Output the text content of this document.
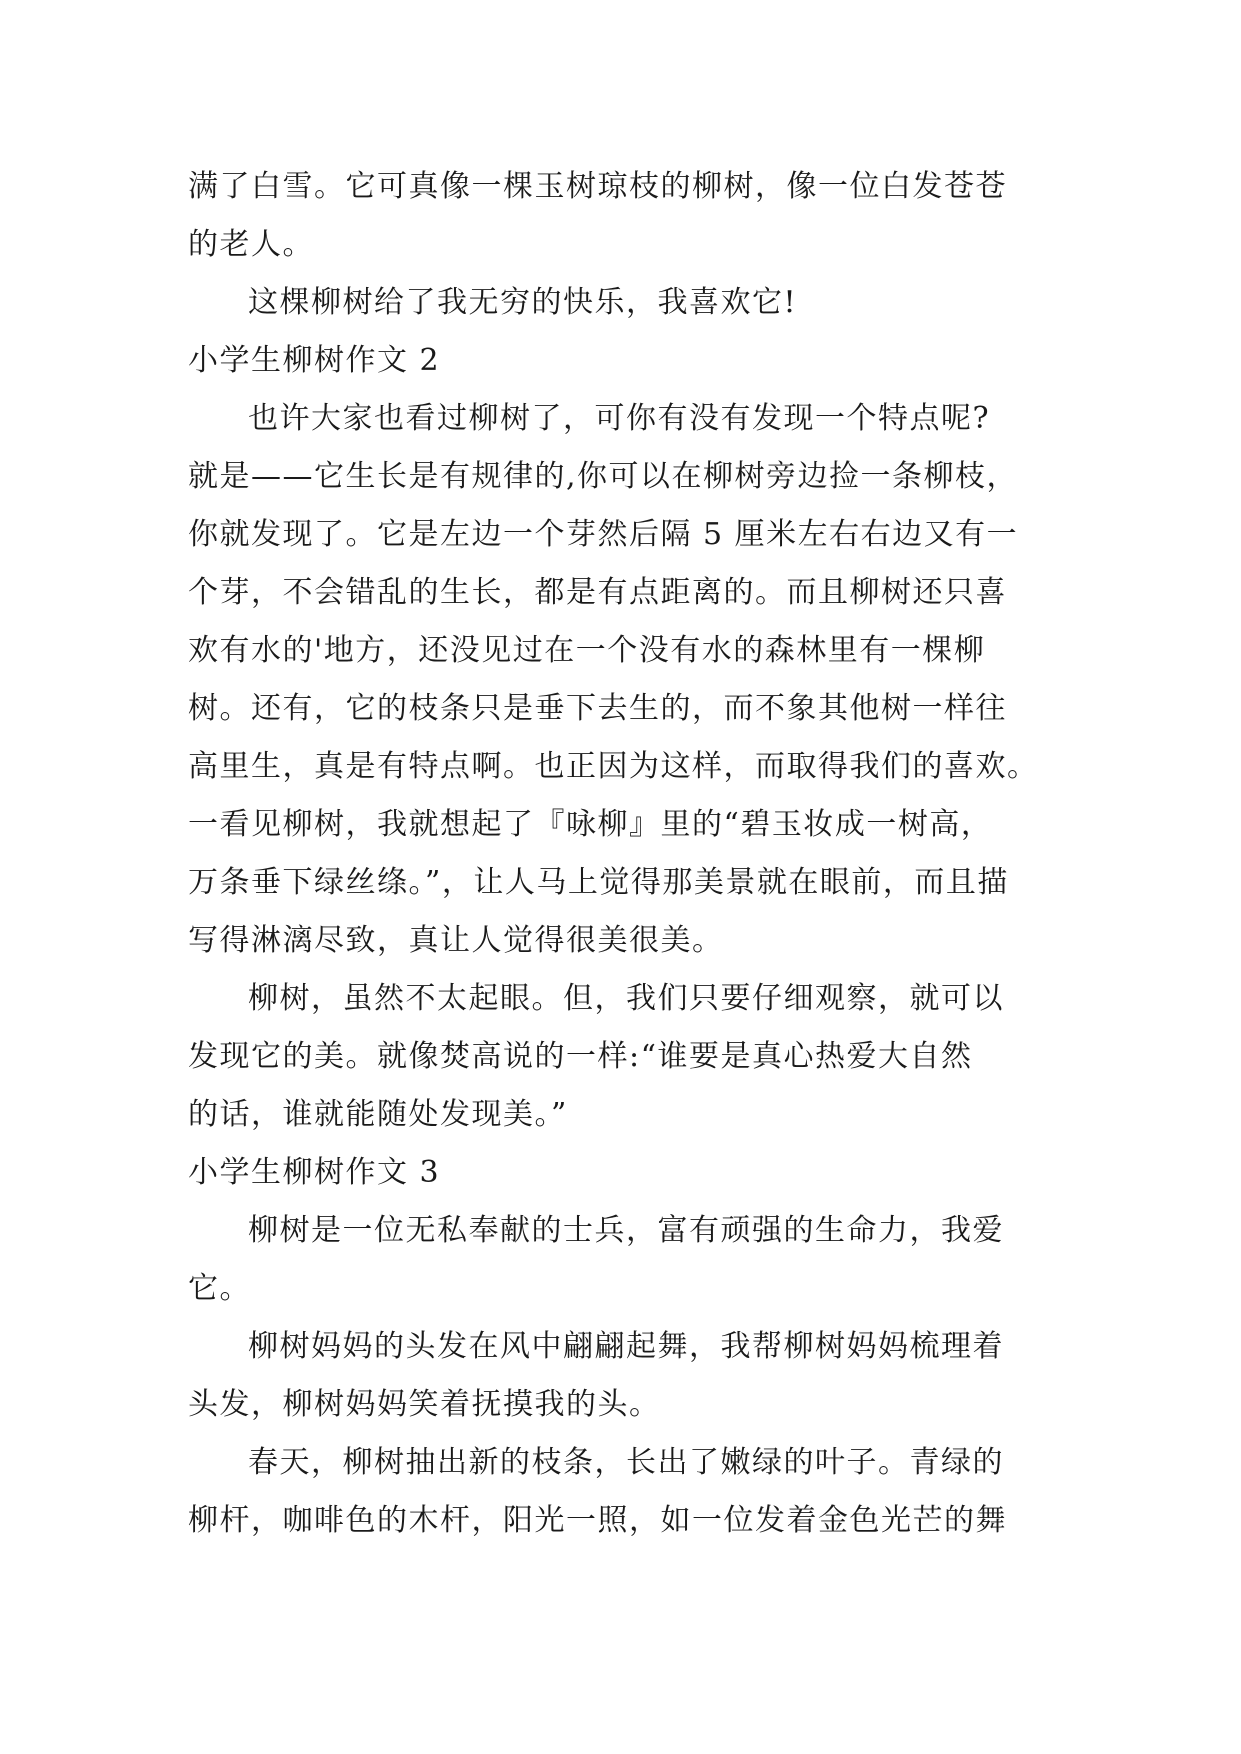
满了白雪。它可真像一棵玉树琼枝的柳树，像一位白发苍苍
的老人。
这棵柳树给了我无穷的快乐，我喜欢它!
小学生柳树作文 2
也许大家也看过柳树了，可你有没有发现一个特点呢?
就是——它生长是有规律的,你可以在柳树旁边捡一条柳枝，
你就发现了。它是左边一个芽然后隔 5 厘米左右右边又有一
个芽，不会错乱的生长，都是有点距离的。而且柳树还只喜
欢有水的'地方，还没见过在一个没有水的森林里有一棵柳
树。还有，它的枝条只是垂下去生的，而不象其他树一样往
高里生，真是有特点啊。也正因为这样，而取得我们的喜欢。
一看见柳树，我就想起了『咏柳』里的“碧玉妆成一树高，
万条垂下绿丝绦。”，让人马上觉得那美景就在眼前，而且描
写得淋漓尽致，真让人觉得很美很美。
柳树，虽然不太起眼。但，我们只要仔细观察，就可以
发现它的美。就像焚高说的一样:“谁要是真心热爱大自然
的话，谁就能随处发现美。”
小学生柳树作文 3
柳树是一位无私奉献的士兵，富有顽强的生命力，我爱
它。
柳树妈妈的头发在风中翩翩起舞，我帮柳树妈妈梳理着
头发，柳树妈妈笑着抚摸我的头。
春天，柳树抽出新的枝条，长出了嫩绿的叶子。青绿的
柳杆，咖啡色的木杆，阳光一照，如一位发着金色光芒的舞
